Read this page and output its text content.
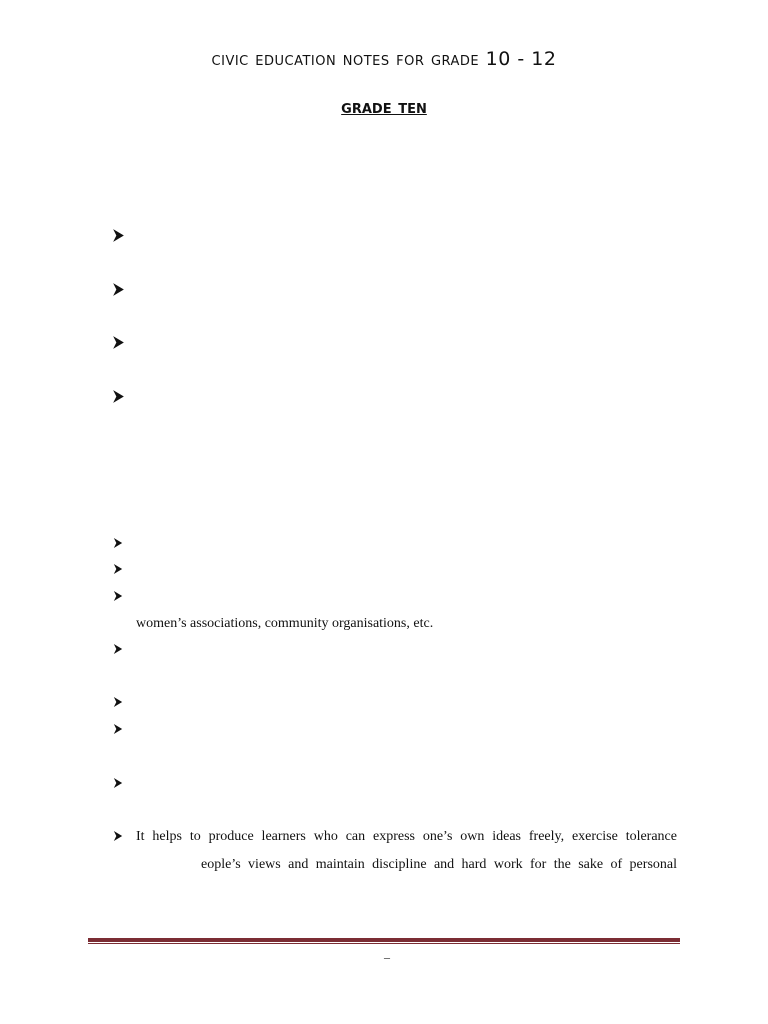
civic education notes for grade 10 - 12
grade ten
women’s associations, community organisations, etc.
It helps to produce learners who can express one’s own ideas freely, exercise tolerance
eople’s views and maintain discipline and hard work for the sake of personal
–
